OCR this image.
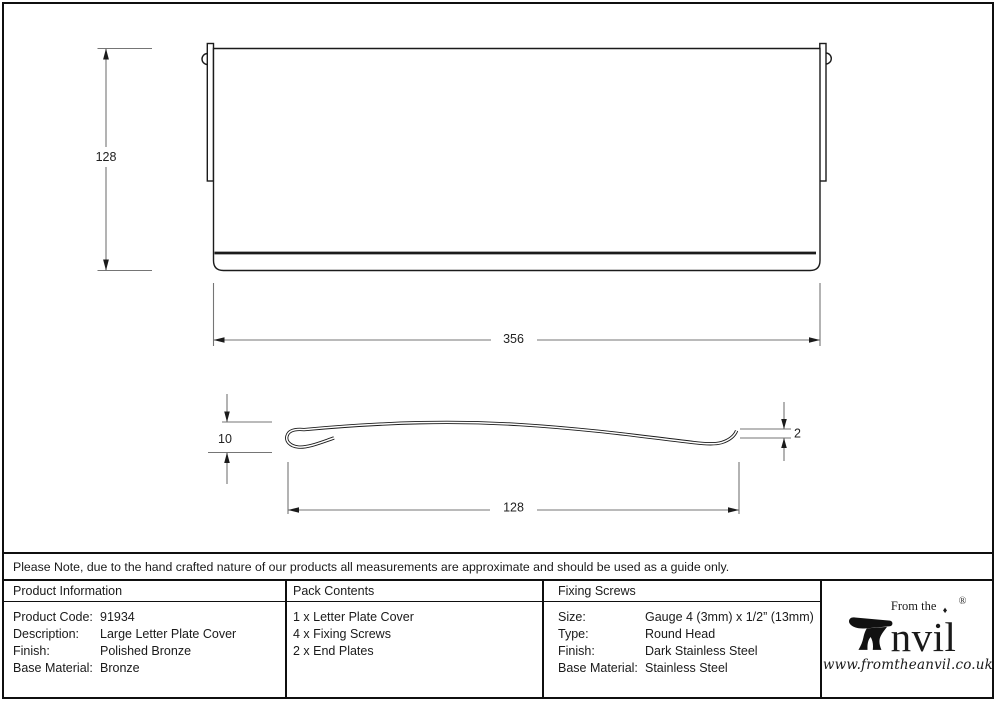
128
356
10	2
128
Please Note, due to the hand crafted nature of our products all measurements are approximate and should be used as a guide only.
Product Information
Product Code: 91934
Description:	Large Letter Plate Cover
Finish:	Polished Bronze
Base Material: Bronze
Pack Contents
1 x Letter Plate Cover
4 x Fixing Screws
2 x End Plates
Fixing Screws
Size:	Gauge 4 (3mm) x 1/2” (13mm)
Type:	Round Head
Finish:	Dark Stainless Steel
Base Material: Stainless Steel
nvil
From the ♦
®
www.fromtheanvil.co.uk
